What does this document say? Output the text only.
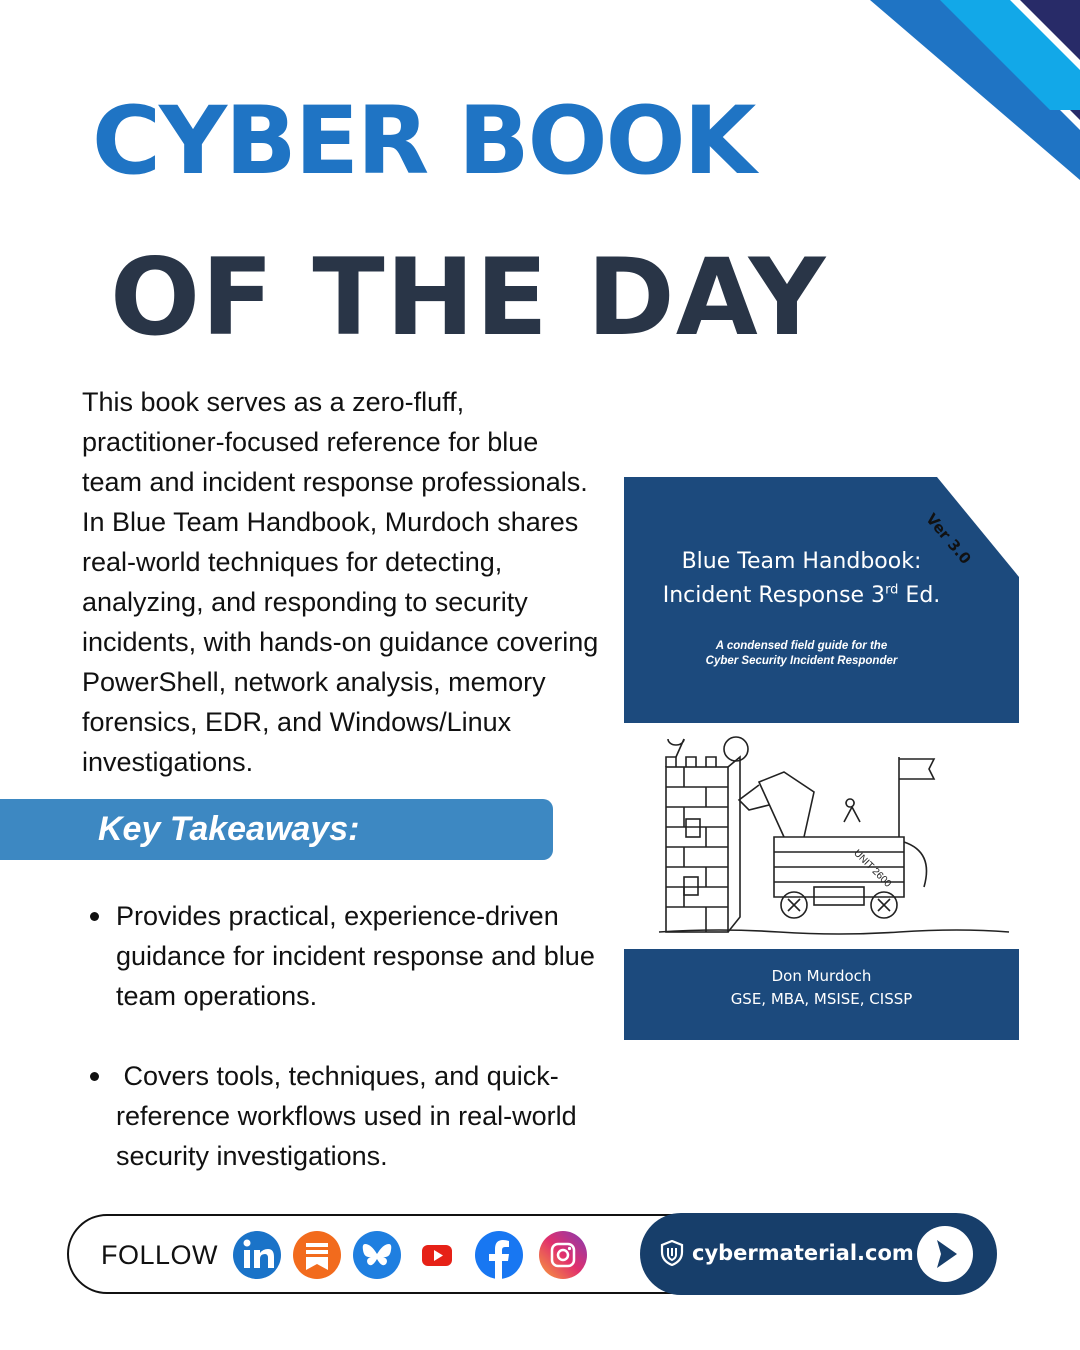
CYBER BOOK
OF THE DAY
This book serves as a zero-fluff, practitioner-focused reference for blue team and incident response professionals. In Blue Team Handbook, Murdoch shares real-world techniques for detecting, analyzing, and responding to security incidents, with hands-on guidance covering PowerShell, network analysis, memory forensics, EDR, and Windows/Linux investigations.
Key Takeaways:
Provides practical, experience-driven guidance for incident response and blue team operations.
Covers tools, techniques, and quick-reference workflows used in real-world security investigations.
Ver 3.0
Blue Team Handbook:
Incident Response 3rd Ed.
A condensed field guide for the
Cyber Security Incident Responder
UNIT 2600
Don Murdoch
GSE, MBA, MSISE, CISSP
FOLLOW	cybermaterial.com
